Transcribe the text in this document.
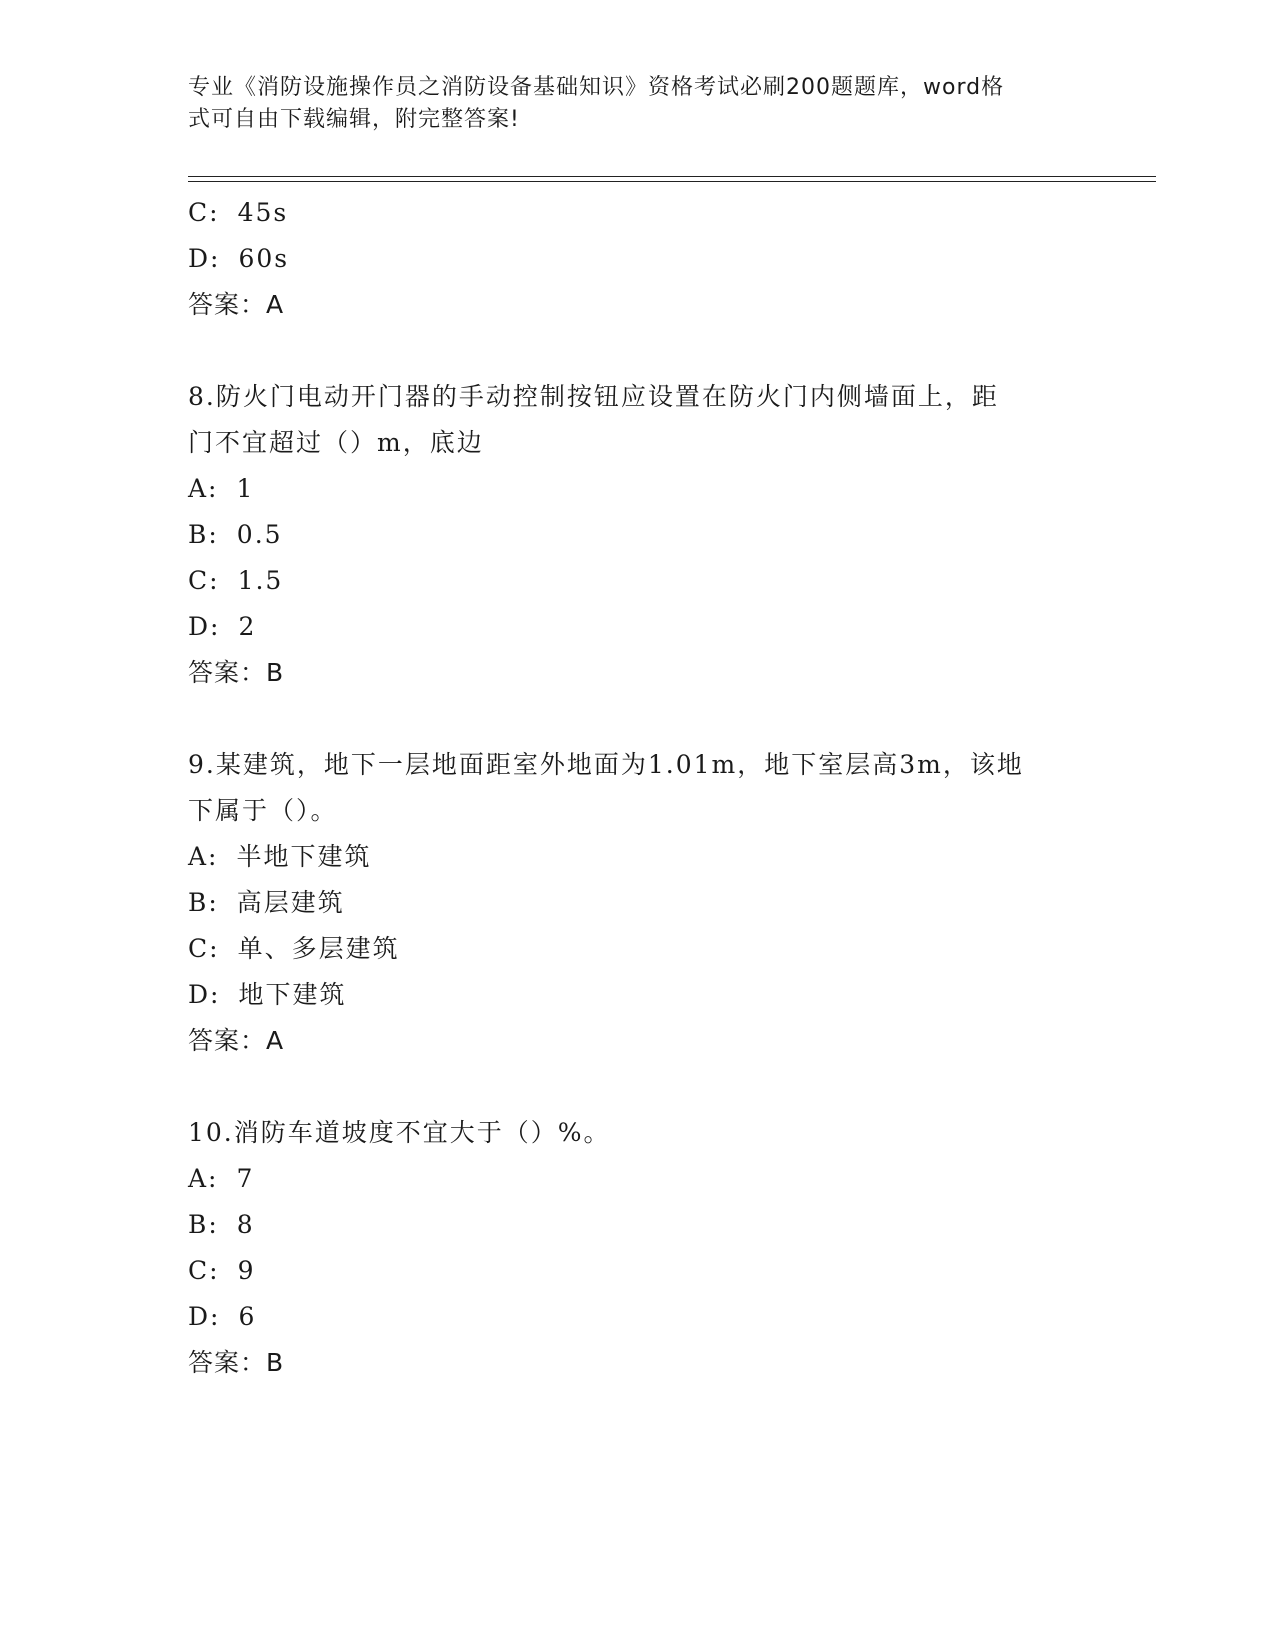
专业《消防设施操作员之消防设备基础知识》资格考试必刷200题题库，word格
式可自由下载编辑，附完整答案!
C: 45s
D: 60s
答案：A
8.防火门电动开门器的手动控制按钮应设置在防火门内侧墙面上，距
门不宜超过（）m，底边
A: 1
B: 0.5
C: 1.5
D: 2
答案：B
9.某建筑，地下一层地面距室外地面为1.01m，地下室层高3m，该地
下属于（）。
A: 半地下建筑
B: 高层建筑
C: 单、多层建筑
D: 地下建筑
答案：A
10.消防车道坡度不宜大于（）%。
A: 7
B: 8
C: 9
D: 6
答案：B
